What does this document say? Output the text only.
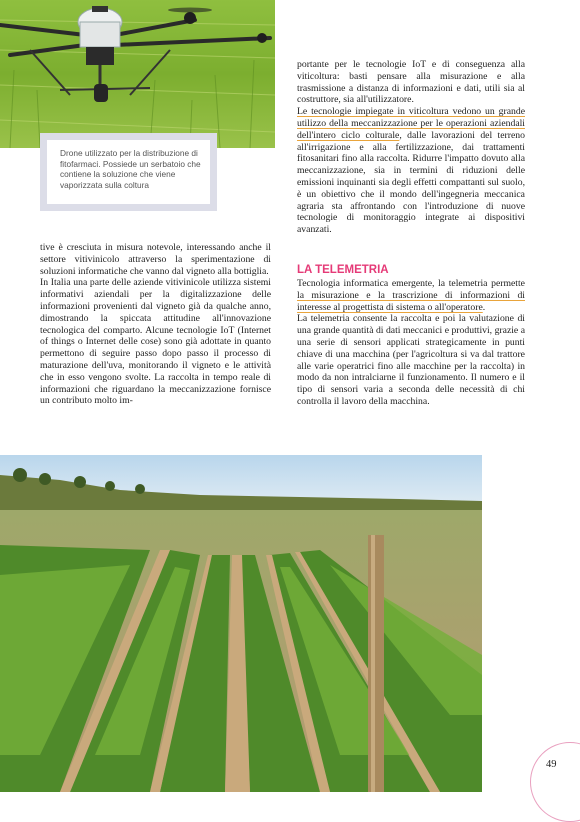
Drone utilizzato per la distribuzione di fitofarmaci. Possiede un serbatoio che contiene la soluzione che viene vaporizzata sulla coltura

tive è cresciuta in misura notevole, interessando anche il settore vitivinicolo attraverso la sperimentazione di soluzioni informatiche che vanno dal vigneto alla bottiglia.

In Italia una parte delle aziende vitivinicole utilizza sistemi informativi aziendali per la digitalizzazione delle informazioni provenienti dal vigneto già da qualche anno, dimostrando la spiccata attitudine all'innovazione tecnologica del comparto. Alcune tecnologie IoT (Internet of things o Internet delle cose) sono già adottate in quanto permettono di seguire passo dopo passo il processo di maturazione dell'uva, monitorando il vigneto e le attività che in esso vengono svolte. La raccolta in tempo reale di informazioni che riguardano la meccanizzazione fornisce un contributo molto im-

portante per le tecnologie IoT e di conseguenza alla viticoltura: basti pensare alla misurazione e alla trasmissione a distanza di informazioni e dati, utili sia al costruttore, sia all'utilizzatore.

Le tecnologie impiegate in viticoltura vedono un grande utilizzo della meccanizzazione per le operazioni aziendali dell'intero ciclo colturale, dalle lavorazioni del terreno all'irrigazione e alla fertilizzazione, dai trattamenti fitosanitari fino alla raccolta. Ridurre l'impatto dovuto alla meccanizzazione, sia in termini di riduzioni delle emissioni inquinanti sia degli effetti compattanti sul suolo, è un obiettivo che il mondo dell'ingegneria meccanica agraria sta affrontando con l'introduzione di nuove tecnologie di monitoraggio integrate ai dispositivi avanzati.

LA TELEMETRIA

Tecnologia informatica emergente, la telemetria permette la misurazione e la trascrizione di informazioni di interesse al progettista di sistema o all'operatore.

La telemetria consente la raccolta e poi la valutazione di una grande quantità di dati meccanici e produttivi, grazie a una serie di sensori applicati strategicamente in punti chiave di una macchina (per l'agricoltura si va dal trattore alle varie operatrici fino alle macchine per la raccolta) in modo da non intralciarne il funzionamento. Il numero e il tipo di sensori varia a seconda delle necessità di chi controlla il lavoro della macchina.

49
